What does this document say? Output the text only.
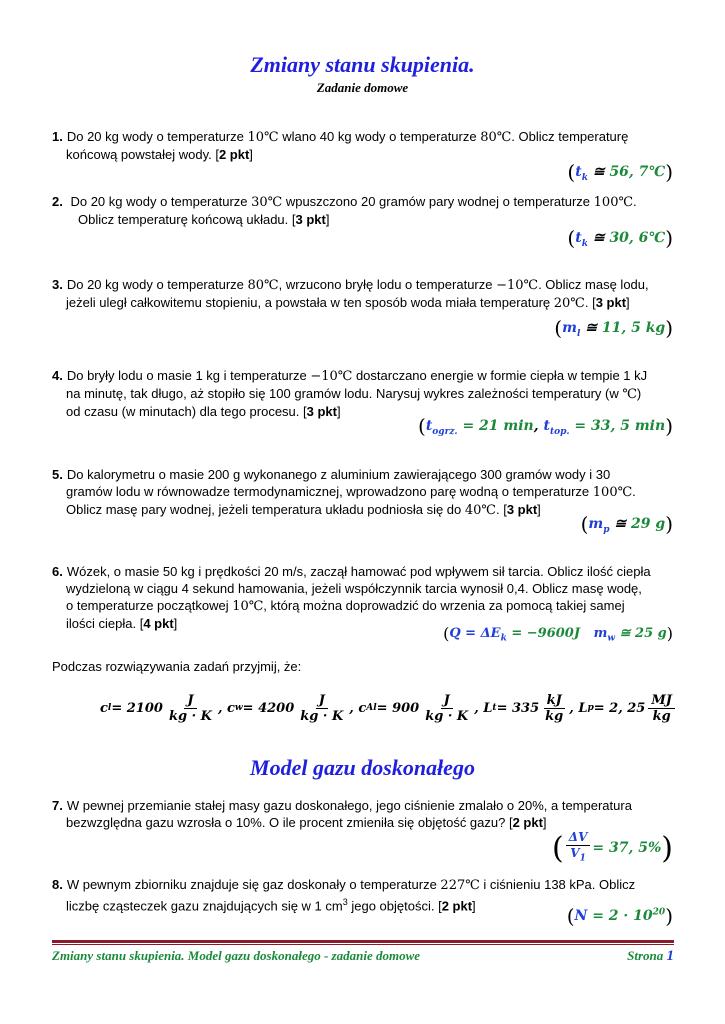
Zmiany stanu skupienia.
Zadanie domowe
1. Do 20 kg wody o temperaturze 10℃ wlano 40 kg wody o temperaturze 80℃. Oblicz temperaturę
końcową powstałej wody. [2 pkt]
($t_k$ ≅ 56, 7℃)
2. Do 20 kg wody o temperaturze 30℃ wpuszczono 20 gramów pary wodnej o temperaturze 100℃.
Oblicz temperaturę końcową układu. [3 pkt]
($t_k$ ≅ 30, 6℃)
3. Do 20 kg wody o temperaturze 80℃, wrzucono bryłę lodu o temperaturze −10℃. Oblicz masę lodu,
jeżeli uległ całkowitemu stopieniu, a powstała w ten sposób woda miała temperaturę 20℃. [3 pkt]
($m_l$ ≅ 11, 5 kg)
4. Do bryły lodu o masie 1 kg i temperaturze −10℃ dostarczano energie w formie ciepła w tempie 1 kJ
na minutę, tak długo, aż stopiło się 100 gramów lodu. Narysuj wykres zależności temperatury (w ℃)
od czasu (w minutach) dla tego procesu. [3 pkt]
($t_{ogrz.} = 21$ min, $t_{top.} = 33$, 5 min)
5. Do kalorymetru o masie 200 g wykonanego z aluminium zawierającego 300 gramów wody i 30
gramów lodu w równowadze termodynamicznej, wprowadzono parę wodną o temperaturze 100℃.
Oblicz masę pary wodnej, jeżeli temperatura układu podniosła się do 40℃. [3 pkt]
($m_p$ ≅ 29 g)
6. Wózek, o masie 50 kg i prędkości 20 m/s, zaczął hamować pod wpływem sił tarcia. Oblicz ilość ciepła
wydzieloną w ciągu 4 sekund hamowania, jeżeli współczynnik tarcia wynosił 0,4. Oblicz masę wodę,
o temperaturze początkowej 10℃, którą można doprowadzić do wrzenia za pomocą takiej samej
ilości ciepła. [4 pkt]
($Q = \Delta E_k = -9600J$ $m_w$ ≅ 25 g)
Podczas rozwiązywania zadań przyjmij, że:
c $l = 2100 \frac{J}{kg \cdot K}$ ,
c $w = 4200 \frac{J}{kg \cdot K}$ ,
c $Al = 900 \frac{J}{kg \cdot K}$ ,
L $t = 335 \frac{kJ}{kg}$ ,
L p = 2, $25 \frac{MJ}{kg}$
Model gazu doskonałego
7. W pewnej przemianie stałej masy gazu doskonałego, jego ciśnienie zmalało o 20%, a temperatura
bezwzględna gazu wzrosła o 10%. O ile procent zmieniła się objętość gazu? [2 pkt]
( $\frac{\Delta V}{V_1} = 37$, 5% )
8. W pewnym zbiorniku znajduje się gaz doskonały o temperaturze 227℃ i ciśnieniu 138 kPa. Oblicz
liczbę cząsteczek gazu znajdujących się w 1 $cm^3$ jego objętości. [2 pkt]	$(N = 2 \cdot 10^{20})$
Zmiany stanu skupienia. Model gazu doskonałego - zadanie domowe	Strona 1
